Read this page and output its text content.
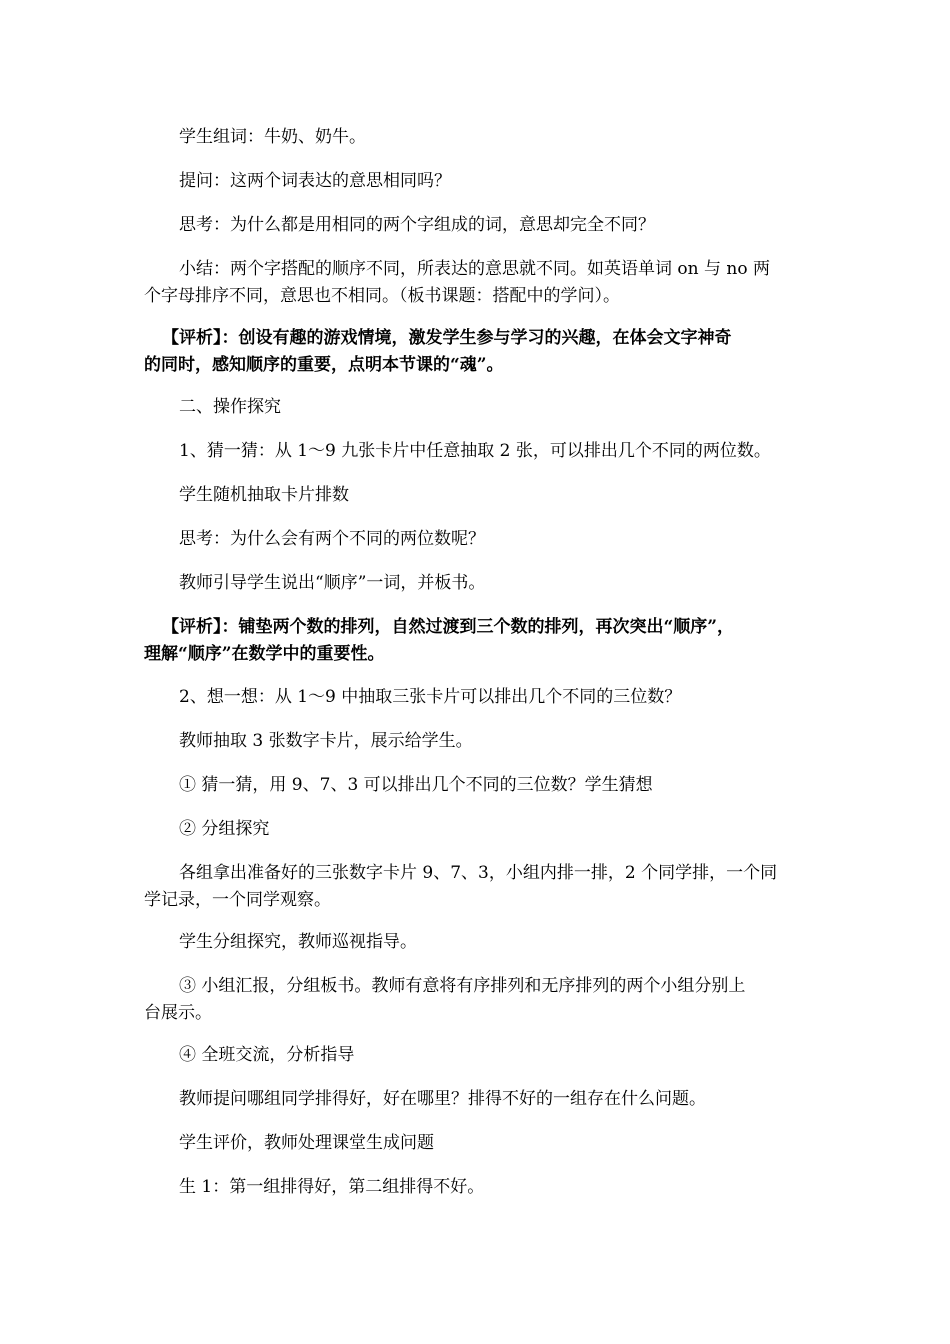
学生组词：牛奶、奶牛。

提问：这两个词表达的意思相同吗？

思考：为什么都是用相同的两个字组成的词，意思却完全不同？

小结：两个字搭配的顺序不同，所表达的意思就不同。如英语单词 on 与 no 两
个字母排序不同，意思也不相同。（板书课题：搭配中的学问）。

【评析】：创设有趣的游戏情境，激发学生参与学习的兴趣，在体会文字神奇
的同时，感知顺序的重要，点明本节课的“魂”。

二、操作探究

1、猜一猜：从 1～9 九张卡片中任意抽取 2 张，可以排出几个不同的两位数。

学生随机抽取卡片排数

思考：为什么会有两个不同的两位数呢？

教师引导学生说出“顺序”一词，并板书。

【评析】：铺垫两个数的排列，自然过渡到三个数的排列，再次突出“顺序”，
理解“顺序”在数学中的重要性。

2、想一想：从 1～9 中抽取三张卡片可以排出几个不同的三位数？

教师抽取 3 张数字卡片，展示给学生。

① 猜一猜，用 9、7、3 可以排出几个不同的三位数？学生猜想

② 分组探究

各组拿出准备好的三张数字卡片 9、7、3，小组内排一排，2 个同学排，一个同
学记录，一个同学观察。

学生分组探究，教师巡视指导。

③ 小组汇报，分组板书。教师有意将有序排列和无序排列的两个小组分别上
台展示。

④ 全班交流，分析指导

教师提问哪组同学排得好，好在哪里？排得不好的一组存在什么问题。

学生评价，教师处理课堂生成问题

生 1：第一组排得好，第二组排得不好。
